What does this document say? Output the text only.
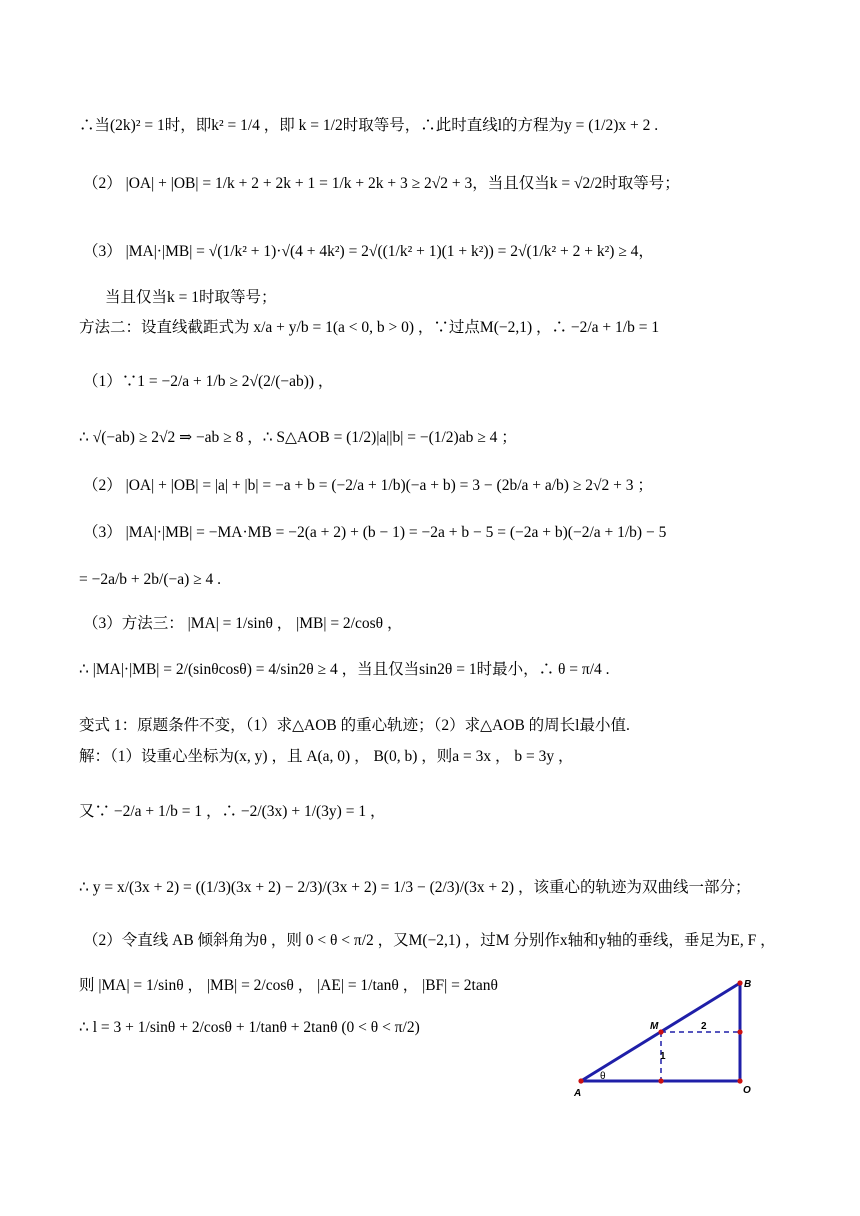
∴当(2k)² = 1时，即k² = 1/4 ，即 k = 1/2时取等号，∴此时直线l的方程为y = (1/2)x + 2 .
（2） |OA| + |OB| = 1/k + 2 + 2k + 1 = 1/k + 2k + 3 ≥ 2√2 + 3，当且仅当k = √2/2时取等号；
（3） |MA|·|MB| = √(1/k² + 1)·√(4 + 4k²) = 2√((1/k² + 1)(1 + k²)) = 2√(1/k² + 2 + k²) ≥ 4，
当且仅当k = 1时取等号；
方法二：设直线截距式为 x/a + y/b = 1(a < 0, b > 0) ，∵过点M(−2,1) ，∴ −2/a + 1/b = 1
（1）∵1 = −2/a + 1/b ≥ 2√(2/(−ab)) ，
∴ √(−ab) ≥ 2√2 ⇒ −ab ≥ 8 ，∴ S△AOB = (1/2)|a||b| = −(1/2)ab ≥ 4 ；
（2） |OA| + |OB| = |a| + |b| = −a + b = (−2/a + 1/b)(−a + b) = 3 − (2b/a + a/b) ≥ 2√2 + 3 ；
（3） |MA|·|MB| = −MA·MB = −2(a + 2) + (b − 1) = −2a + b − 5 = (−2a + b)(−2/a + 1/b) − 5
= −2a/b + 2b/(−a) ≥ 4 .
（3）方法三： |MA| = 1/sinθ ， |MB| = 2/cosθ ，
∴ |MA|·|MB| = 2/(sinθcosθ) = 4/sin2θ ≥ 4 ，当且仅当sin2θ = 1时最小，∴ θ = π/4 .
变式 1：原题条件不变，（1）求△AOB 的重心轨迹；（2）求△AOB 的周长l最小值.
解：（1）设重心坐标为(x, y) ，且 A(a, 0) ， B(0, b) ，则a = 3x ， b = 3y ，
又∵ −2/a + 1/b = 1 ，∴ −2/(3x) + 1/(3y) = 1 ，
∴ y = x/(3x + 2) = ((1/3)(3x + 2) − 2/3)/(3x + 2) = 1/3 − (2/3)/(3x + 2) ，该重心的轨迹为双曲线一部分；
（2）令直线 AB 倾斜角为θ ，则 0 < θ < π/2 ，又M(−2,1) ，过M 分别作x轴和y轴的垂线，垂足为E, F ，
则 |MA| = 1/sinθ ， |MB| = 2/cosθ ， |AE| = 1/tanθ ， |BF| = 2tanθ
∴ l = 3 + 1/sinθ + 2/cosθ + 1/tanθ + 2tanθ (0 < θ < π/2)
A	O
B
M
1
2
θ
